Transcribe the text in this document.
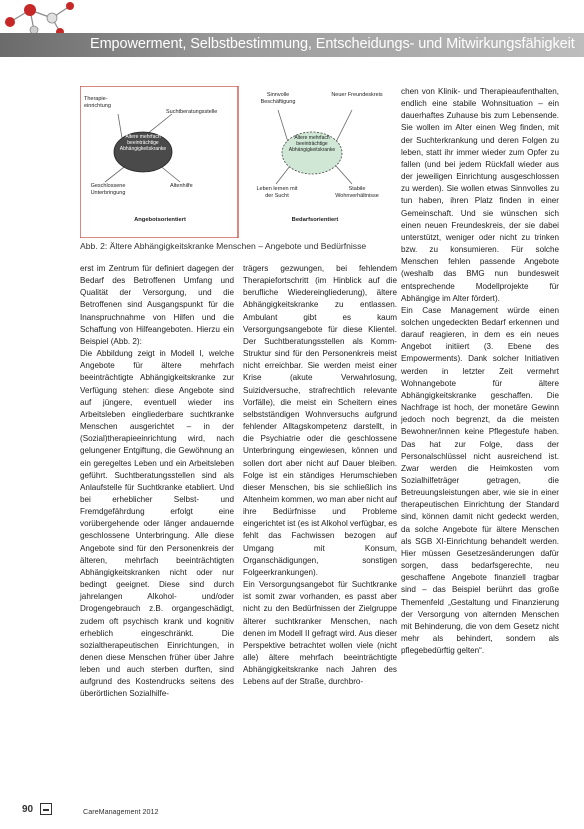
Empowerment, Selbstbestimmung, Entscheidungs- und Mitwirkungsfähigkeit
Ältere mehrfach beeinträchtige Abhängigkeitskranke
Therapie-einrichtung
Suchtberatungsstelle
Geschlossene Unterbringung
Altenhilfe
Angebotsorientiert
Ältere mehrfach beeinträchtige Abhängigkeitskranke
Sinnvolle Beschäftigung
Neuer Freundeskreis
Leben lernen mit der Sucht
Stabile Wohnverhältnisse
Bedarfsorientiert
Abb. 2: Ältere Abhängigkeitskranke Menschen – Angebote und Bedürfnisse

erst im Zentrum für definiert dagegen der Bedarf des Betroffenen Umfang und Qualität der Versorgung, und die Betroffenen sind Ausgangspunkt für die Inanspruchnahme von Hilfen und die Schaffung von Hilfeangeboten. Hierzu ein Beispiel (Abb. 2):

Die Abbildung zeigt in Modell I, welche Angebote für ältere mehrfach beeinträchtigte Abhängigkeitskranke zur Verfügung stehen: diese Angebote sind auf jüngere, eventuell wieder ins Arbeitsleben eingliederbare suchtkranke Menschen ausgerichtet – in der (Sozial)therapieeinrichtung wird, nach gelungener Entgiftung, die Gewöhnung an ein geregeltes Leben und ein Arbeitsleben geführt. Suchtberatungsstellen sind als Anlaufstelle für Suchtkranke etabliert. Und bei erheblicher Selbst- und Fremdgefährdung erfolgt eine vorübergehende oder länger andauernde geschlossene Unterbringung. Alle diese Angebote sind für den Personenkreis der älteren, mehrfach beeinträchtigten Abhängigkeitskranken nicht oder nur bedingt geeignet. Diese sind durch jahrelangen Alkohol- und/oder Drogengebrauch z.B. organgeschädigt, zudem oft psychisch krank und kognitiv erheblich eingeschränkt. Die sozialtherapeutischen Einrichtungen, in denen diese Menschen früher über Jahre leben und auch sterben durften, sind aufgrund des Kostendrucks seitens des überörtlichen Sozialhilfe-

trägers gezwungen, bei fehlendem Therapiefortschritt (im Hinblick auf die berufliche Wiedereingliederung), ältere Abhängigkeitskranke zu entlassen. Ambulant gibt es kaum Versorgungsangebote für diese Klientel. Der Suchtberatungsstellen als Komm-Struktur sind für den Personenkreis meist nicht erreichbar. Sie werden meist einer Krise (akute Verwahrlosung, Suizidversuche, strafrechtlich relevante Vorfälle), die meist ein Scheitern eines selbstständigen Wohnversuchs aufgrund fehlender Alltagskompetenz darstellt, in die Psychiatrie oder die geschlossene Unterbringung eingewiesen, können und sollen dort aber nicht auf Dauer bleiben. Folge ist ein ständiges Herumschieben dieser Menschen, bis sie schließlich ins Altenheim kommen, wo man aber nicht auf ihre Bedürfnisse und Probleme eingerichtet ist (es ist Alkohol verfügbar, es fehlt das Fachwissen bezogen auf Umgang mit Konsum, Organschädigungen, sonstigen Folgeerkrankungen).

Ein Versorgungsangebot für Suchtkranke ist somit zwar vorhanden, es passt aber nicht zu den Bedürfnissen der Zielgruppe älterer suchtkranker Menschen, nach denen im Modell II gefragt wird. Aus dieser Perspektive betrachtet wollen viele (nicht alle) ältere mehrfach beeinträchtigte Abhängigkeitskranke nach Jahren des Lebens auf der Straße, durchbro-

chen von Klinik- und Therapieaufenthalten, endlich eine stabile Wohnsituation – ein dauerhaftes Zuhause bis zum Lebensende. Sie wollen im Alter einen Weg finden, mit der Suchterkrankung und deren Folgen zu leben, statt ihr immer wieder zum Opfer zu fallen (und bei jedem Rückfall wieder aus der jeweiligen Einrichtung ausgeschlossen zu werden). Sie wollen etwas Sinnvolles zu tun haben, ihren Platz finden in einer Gemeinschaft. Und sie wünschen sich einen neuen Freundeskreis, der sie dabei unterstützt, weniger oder nicht zu trinken bzw. zu konsumieren. Für solche Menschen fehlen passende Angebote (weshalb das BMG nun bundesweit entsprechende Modellprojekte für Abhängige im Alter fördert).

Ein Case Management würde einen solchen ungedeckten Bedarf erkennen und darauf reagieren, in dem es ein neues Angebot initiiert (3. Ebene des Empowerments). Dank solcher Initiativen werden in letzter Zeit vermehrt Wohnangebote für ältere Abhängigkeitskranke geschaffen. Die Nachfrage ist hoch, der monetäre Gewinn jedoch noch begrenzt, da die meisten Bewohner/innen keine Pflegestufe haben. Das hat zur Folge, dass der Personalschlüssel nicht ausreichend ist. Zwar werden die Heimkosten vom Sozialhilfeträger getragen, die Betreuungsleistungen aber, wie sie in einer therapeutischen Einrichtung der Standard sind, können damit nicht gedeckt werden, da solche Angebote für ältere Menschen als SGB XI-Einrichtung behandelt werden. Hier müssen Gesetzesänderungen dafür sorgen, dass bedarfsgerechte, neu geschaffene Angebote finanziell tragbar sind – das Beispiel berührt das große Themenfeld „Gestaltung und Finanzierung der Versorgung von alternden Menschen mit Behinderung, die von dem Gesetz nicht mehr als behindert, sondern als pflegebedürftig gelten“.

90	CareManagement 2012
